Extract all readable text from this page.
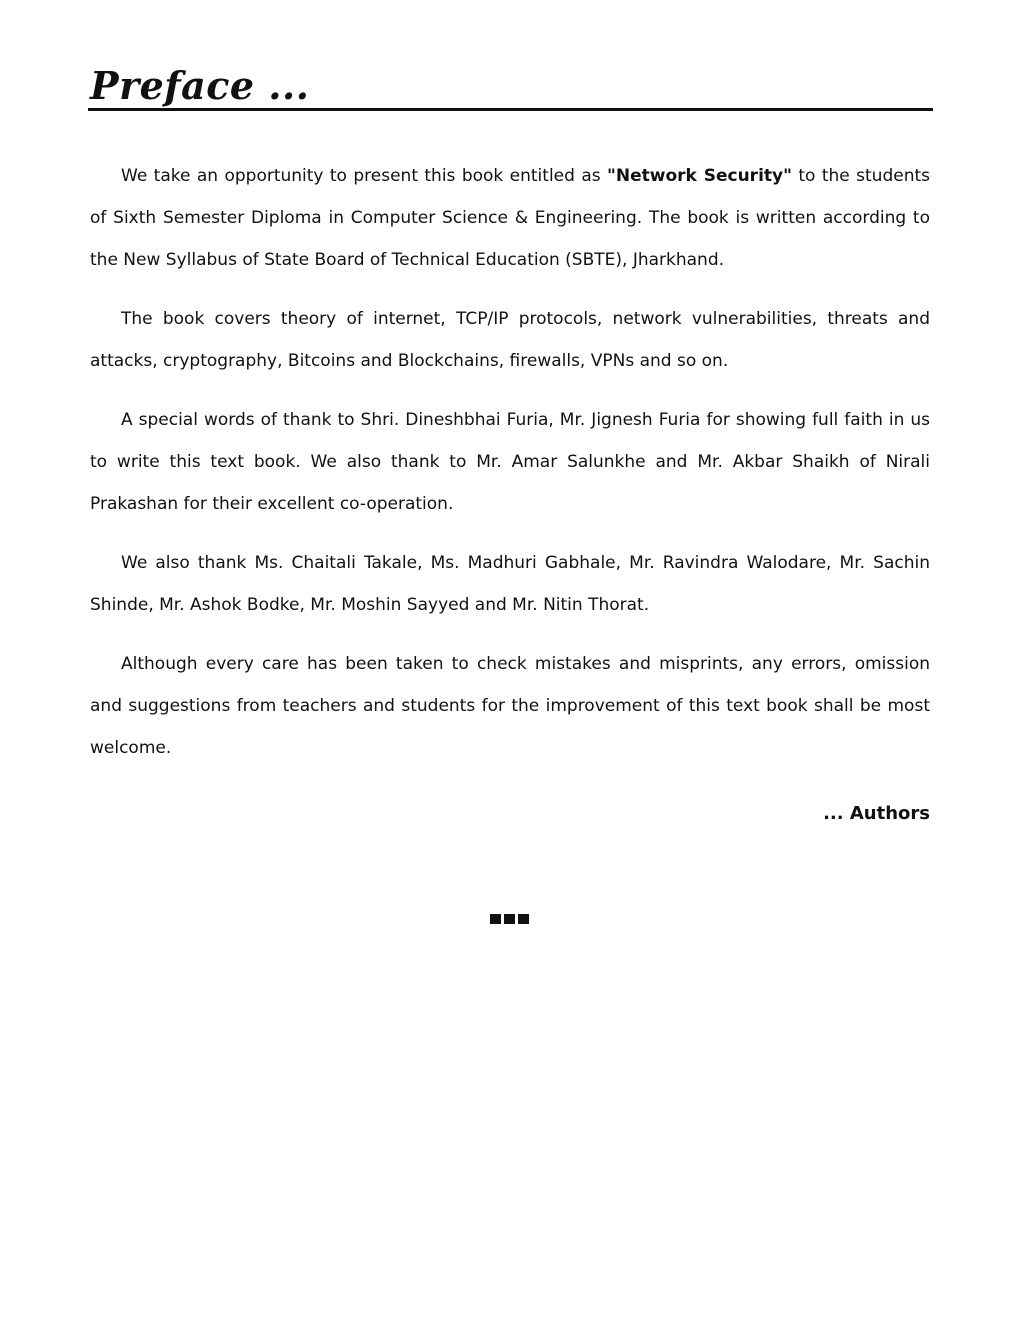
Preface ...

We take an opportunity to present this book entitled as "Network Security" to the students of Sixth Semester Diploma in Computer Science & Engineering. The book is written according to the New Syllabus of State Board of Technical Education (SBTE), Jharkhand.

The book covers theory of internet, TCP/IP protocols, network vulnerabilities, threats and attacks, cryptography, Bitcoins and Blockchains, firewalls, VPNs and so on.

A special words of thank to Shri. Dineshbhai Furia, Mr. Jignesh Furia for showing full faith in us to write this text book. We also thank to Mr. Amar Salunkhe and Mr. Akbar Shaikh of Nirali Prakashan for their excellent co-operation.

We also thank Ms. Chaitali Takale, Ms. Madhuri Gabhale, Mr. Ravindra Walodare, Mr. Sachin Shinde, Mr. Ashok Bodke, Mr. Moshin Sayyed and Mr. Nitin Thorat.

Although every care has been taken to check mistakes and misprints, any errors, omission and suggestions from teachers and students for the improvement of this text book shall be most welcome.

... Authors
